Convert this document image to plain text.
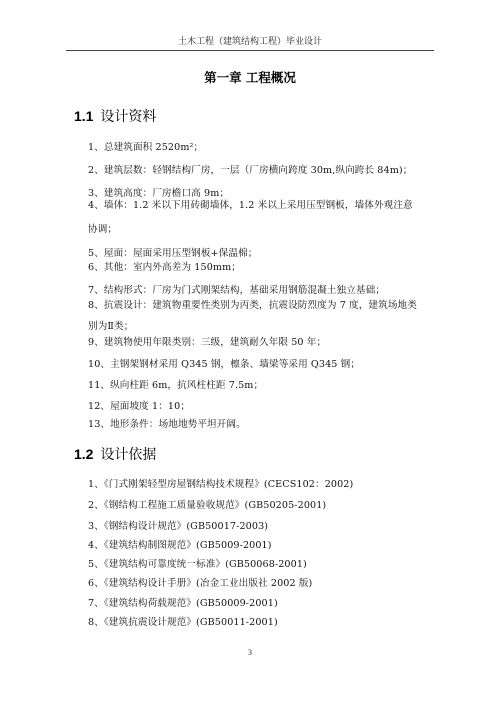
土木工程（建筑结构工程）毕业设计
第一章 工程概况
1.1 设计资料
1、总建筑面积 2520m²；
2、建筑层数：轻钢结构厂房，一层（厂房横向跨度 30m,纵向跨长 84m)；
3、建筑高度：厂房檐口高 9m；
4、墙体：1.2 米以下用砖砌墙体，1.2 米以上采用压型钢板，墙体外观注意
协调；
5、屋面：屋面采用压型钢板+保温棉；
6、其他：室内外高差为 150mm；
7、结构形式：厂房为门式刚架结构，基础采用钢筋混凝土独立基础；
8、抗震设计：建筑物重要性类别为丙类，抗震设防烈度为 7 度，建筑场地类
别为Ⅱ类；
9、建筑物使用年限类别：三级，建筑耐久年限 50 年；
10、主钢架钢材采用 Q345 钢，檩条、墙梁等采用 Q345 钢；
11、纵向柱距 6m，抗风柱柱距 7.5m；
12、屋面坡度 1：10；
13、地形条件：场地地势平坦开阔。
1.2 设计依据
1、《门式刚架轻型房屋钢结构技术规程》(CECS102：2002)
2、《钢结构工程施工质量验收规范》(GB50205-2001)
3、《钢结构设计规范》(GB50017-2003)
4、《建筑结构制图规范》(GB5009-2001)
5、《建筑结构可靠度统一标准》(GB50068-2001)
6、《建筑结构设计手册》(冶金工业出版社 2002 版)
7、《建筑结构荷载规范》(GB50009-2001)
8、《建筑抗震设计规范》(GB50011-2001)
3
